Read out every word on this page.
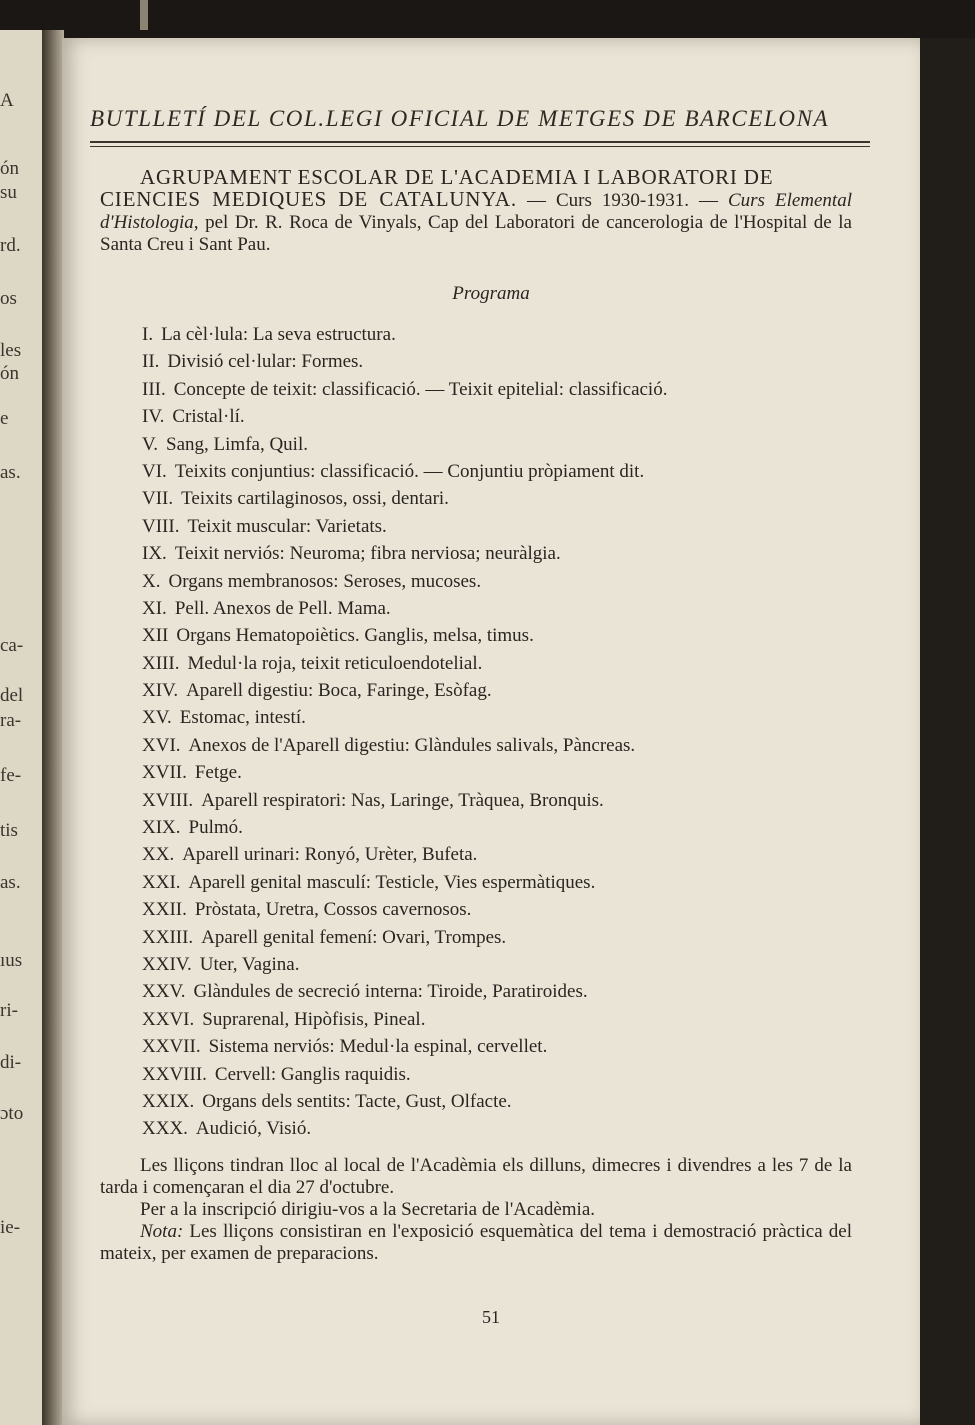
A
ón
su
rd.
os
les
ón
e
as.
ca-
del
ra-
fe-
tis
as.
ıus
ri-
di-
ɔto
ie-
BUTLLETÍ DEL COL.LEGI OFICIAL DE METGES DE BARCELONA
AGRUPAMENT ESCOLAR DE L'ACADEMIA I LABORATORI DE
CIENCIES MEDIQUES DE CATALUNYA. — Curs 1930-1931. — Curs Elemental d'Histologia, pel Dr. R. Roca de Vinyals, Cap del Laboratori de cancerologia de l'Hospital de la Santa Creu i Sant Pau.
Programa
I. La cèl·lula: La seva estructura.
II. Divisió cel·lular: Formes.
III. Concepte de teixit: classificació. — Teixit epitelial: classificació.
IV. Cristal·lí.
V. Sang, Limfa, Quil.
VI. Teixits conjuntius: classificació. — Conjuntiu pròpiament dit.
VII. Teixits cartilaginosos, ossi, dentari.
VIII. Teixit muscular: Varietats.
IX. Teixit nerviós: Neuroma; fibra nerviosa; neuràlgia.
X. Organs membranosos: Seroses, mucoses.
XI. Pell. Anexos de Pell. Mama.
XII Organs Hematopoiètics. Ganglis, melsa, timus.
XIII. Medul·la roja, teixit reticuloendotelial.
XIV. Aparell digestiu: Boca, Faringe, Esòfag.
XV. Estomac, intestí.
XVI. Anexos de l'Aparell digestiu: Glàndules salivals, Pàncreas.
XVII. Fetge.
XVIII. Aparell respiratori: Nas, Laringe, Tràquea, Bronquis.
XIX. Pulmó.
XX. Aparell urinari: Ronyó, Urèter, Bufeta.
XXI. Aparell genital masculí: Testicle, Vies espermàtiques.
XXII. Pròstata, Uretra, Cossos cavernosos.
XXIII. Aparell genital femení: Ovari, Trompes.
XXIV. Uter, Vagina.
XXV. Glàndules de secreció interna: Tiroide, Paratiroides.
XXVI. Suprarenal, Hipòfisis, Pineal.
XXVII. Sistema nerviós: Medul·la espinal, cervellet.
XXVIII. Cervell: Ganglis raquidis.
XXIX. Organs dels sentits: Tacte, Gust, Olfacte.
XXX. Audició, Visió.

Les lliçons tindran lloc al local de l'Acadèmia els dilluns, dimecres i divendres a les 7 de la tarda i començaran el dia 27 d'octubre.

Per a la inscripció dirigiu-vos a la Secretaria de l'Acadèmia.

Nota: Les lliçons consistiran en l'exposició esquemàtica del tema i demostració pràctica del mateix, per examen de preparacions.

51
